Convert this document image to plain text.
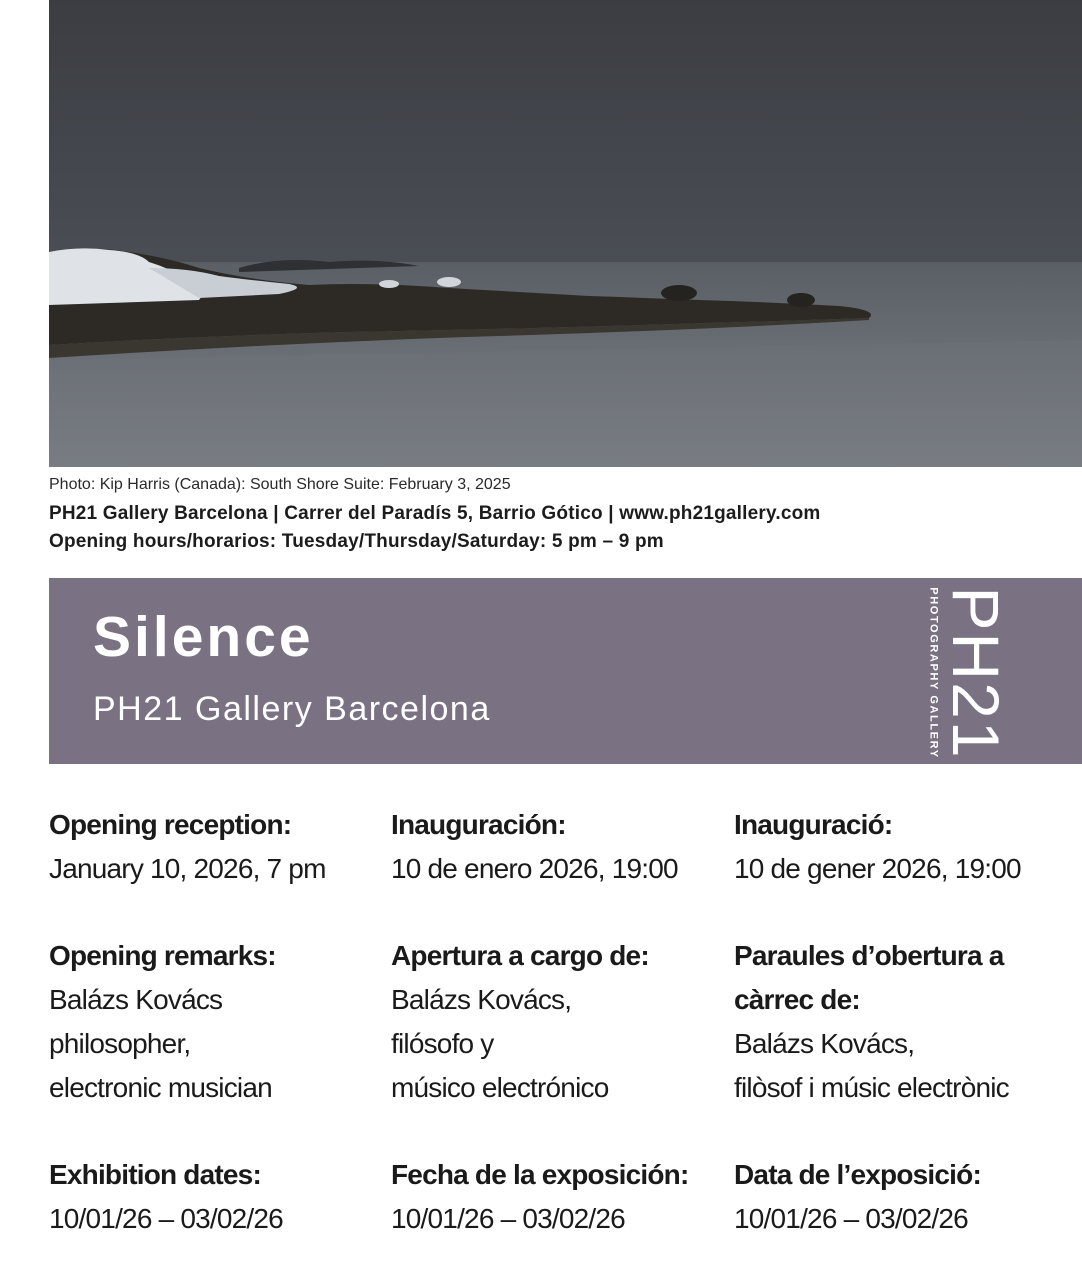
Photo: Kip Harris (Canada): South Shore Suite: February 3, 2025
PH21 Gallery Barcelona | Carrer del Paradís 5, Barrio Gótico | www.ph21gallery.com
Opening hours/horarios: Tuesday/Thursday/Saturday: 5 pm – 9 pm
Silence
PH21 Gallery Barcelona	PH21
PHOTOGRAPHY GALLERY
Opening reception:
January 10, 2026, 7 pm
Opening remarks:
Balázs Kovács
philosopher,
electronic musician
Exhibition dates:
10/01/26 – 03/02/26
Inauguración:
10 de enero 2026, 19:00
Apertura a cargo de:
Balázs Kovács,
filósofo y
músico electrónico
Fecha de la exposición:
10/01/26 – 03/02/26
Inauguració:
10 de gener 2026, 19:00
Paraules d’obertura a
càrrec de:
Balázs Kovács,
filòsof i músic electrònic
Data de l’exposició:
10/01/26 – 03/02/26
